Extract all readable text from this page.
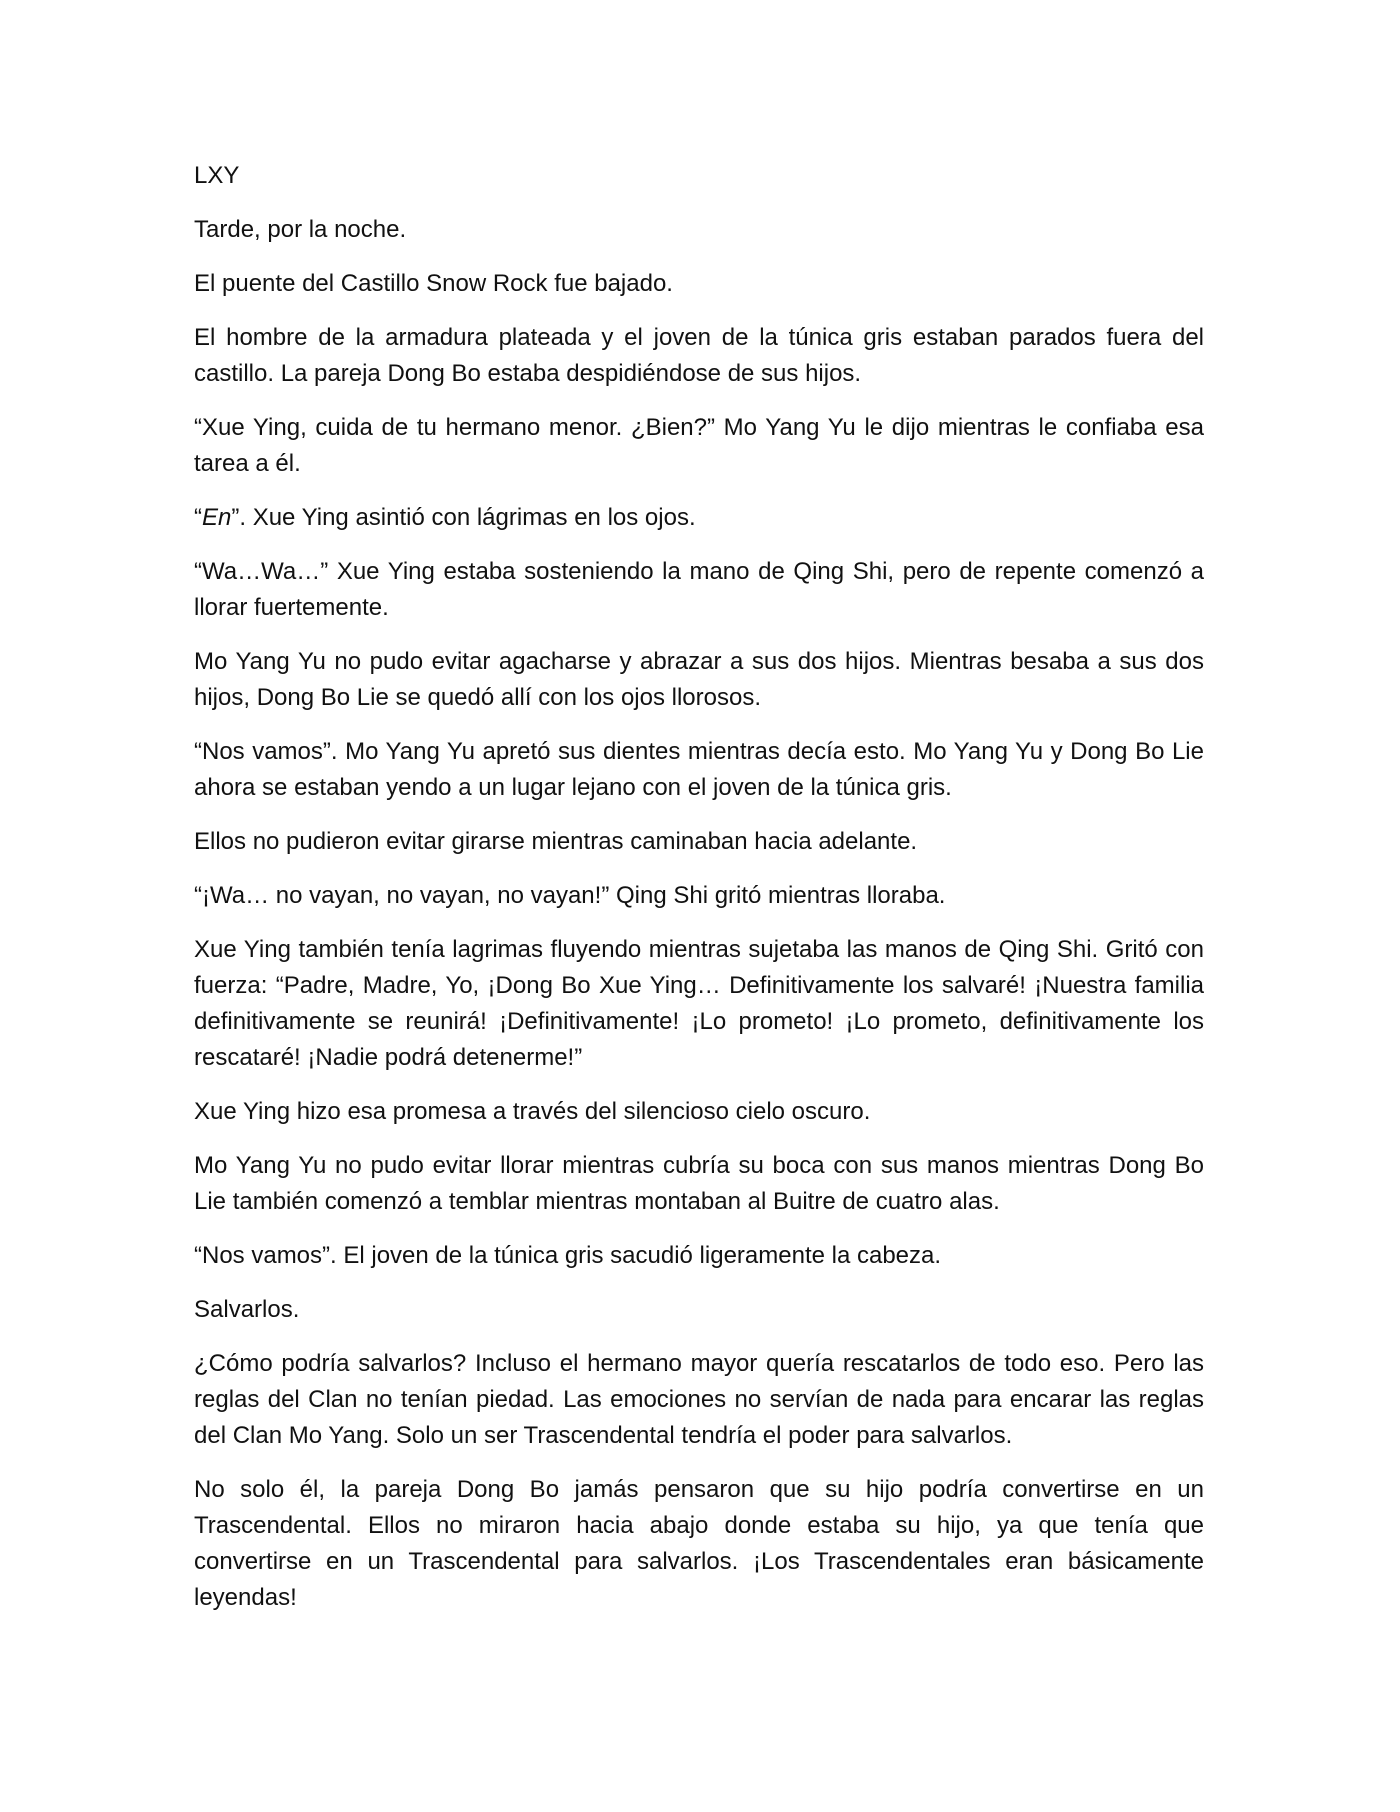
LXY

Tarde, por la noche.

El puente del Castillo Snow Rock fue bajado.

El hombre de la armadura plateada y el joven de la túnica gris estaban parados fuera del castillo. La pareja Dong Bo estaba despidiéndose de sus hijos.

“Xue Ying, cuida de tu hermano menor. ¿Bien?” Mo Yang Yu le dijo mientras le confiaba esa tarea a él.

“En”. Xue Ying asintió con lágrimas en los ojos.

“Wa…Wa…” Xue Ying estaba sosteniendo la mano de Qing Shi, pero de repente comenzó a llorar fuertemente.

Mo Yang Yu no pudo evitar agacharse y abrazar a sus dos hijos. Mientras besaba a sus dos hijos, Dong Bo Lie se quedó allí con los ojos llorosos.

“Nos vamos”. Mo Yang Yu apretó sus dientes mientras decía esto. Mo Yang Yu y Dong Bo Lie ahora se estaban yendo a un lugar lejano con el joven de la túnica gris.

Ellos no pudieron evitar girarse mientras caminaban hacia adelante.

“¡Wa… no vayan, no vayan, no vayan!” Qing Shi gritó mientras lloraba.

Xue Ying también tenía lagrimas fluyendo mientras sujetaba las manos de Qing Shi. Gritó con fuerza: “Padre, Madre, Yo, ¡Dong Bo Xue Ying… Definitivamente los salvaré! ¡Nuestra familia definitivamente se reunirá! ¡Definitivamente! ¡Lo prometo! ¡Lo prometo, definitivamente los rescataré! ¡Nadie podrá detenerme!”

Xue Ying hizo esa promesa a través del silencioso cielo oscuro.

Mo Yang Yu no pudo evitar llorar mientras cubría su boca con sus manos mientras Dong Bo Lie también comenzó a temblar mientras montaban al Buitre de cuatro alas.

“Nos vamos”. El joven de la túnica gris sacudió ligeramente la cabeza.

Salvarlos.

¿Cómo podría salvarlos? Incluso el hermano mayor quería rescatarlos de todo eso. Pero las reglas del Clan no tenían piedad. Las emociones no servían de nada para encarar las reglas del Clan Mo Yang. Solo un ser Trascendental tendría el poder para salvarlos.

No solo él, la pareja Dong Bo jamás pensaron que su hijo podría convertirse en un Trascendental. Ellos no miraron hacia abajo donde estaba su hijo, ya que tenía que convertirse en un Trascendental para salvarlos. ¡Los Trascendentales eran básicamente leyendas!
